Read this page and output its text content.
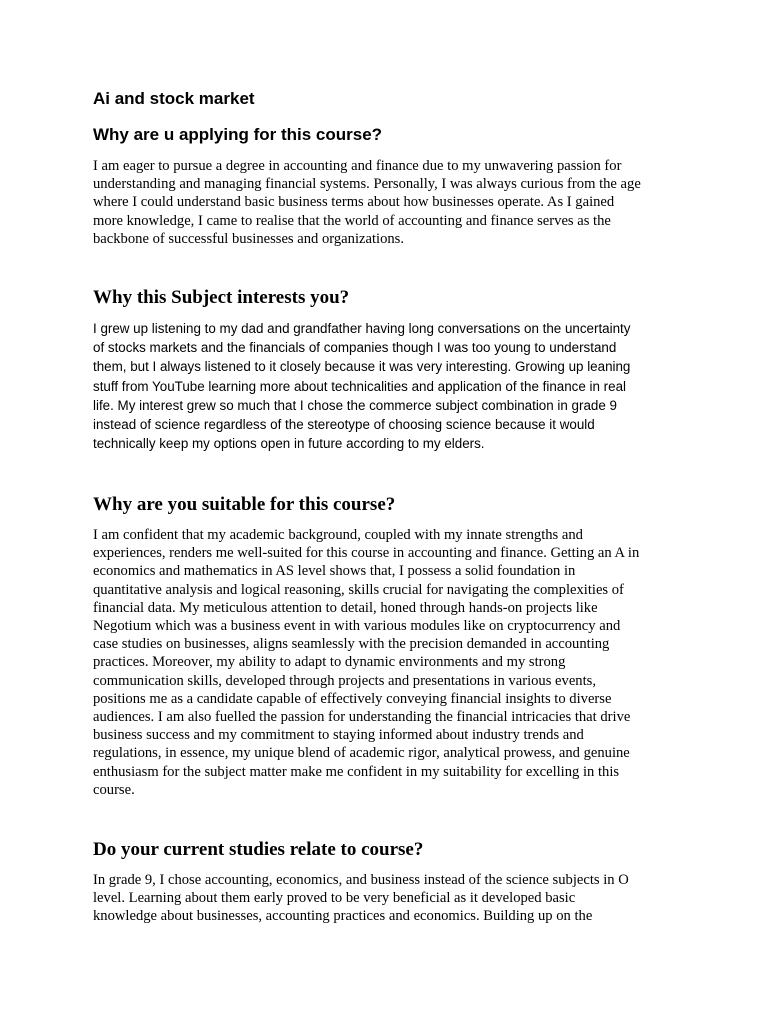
Ai and stock market
Why are u applying for this course?

I am eager to pursue a degree in accounting and finance due to my unwavering passion for
understanding and managing financial systems. Personally, I was always curious from the age
where I could understand basic business terms about how businesses operate. As I gained
more knowledge, I came to realise that the world of accounting and finance serves as the
backbone of successful businesses and organizations.

Why this Subject interests you?

I grew up listening to my dad and grandfather having long conversations on the uncertainty
of stocks markets and the financials of companies though I was too young to understand
them, but I always listened to it closely because it was very interesting. Growing up leaning
stuff from YouTube learning more about technicalities and application of the finance in real
life. My interest grew so much that I chose the commerce subject combination in grade 9
instead of science regardless of the stereotype of choosing science because it would
technically keep my options open in future according to my elders.

Why are you suitable for this course?

I am confident that my academic background, coupled with my innate strengths and
experiences, renders me well-suited for this course in accounting and finance. Getting an A in
economics and mathematics in AS level shows that, I possess a solid foundation in
quantitative analysis and logical reasoning, skills crucial for navigating the complexities of
financial data. My meticulous attention to detail, honed through hands-on projects like
Negotium which was a business event in with various modules like on cryptocurrency and
case studies on businesses, aligns seamlessly with the precision demanded in accounting
practices. Moreover, my ability to adapt to dynamic environments and my strong
communication skills, developed through projects and presentations in various events,
positions me as a candidate capable of effectively conveying financial insights to diverse
audiences. I am also fuelled the passion for understanding the financial intricacies that drive
business success and my commitment to staying informed about industry trends and
regulations, in essence, my unique blend of academic rigor, analytical prowess, and genuine
enthusiasm for the subject matter make me confident in my suitability for excelling in this
course.

Do your current studies relate to course?

In grade 9, I chose accounting, economics, and business instead of the science subjects in O
level. Learning about them early proved to be very beneficial as it developed basic
knowledge about businesses, accounting practices and economics. Building up on the
